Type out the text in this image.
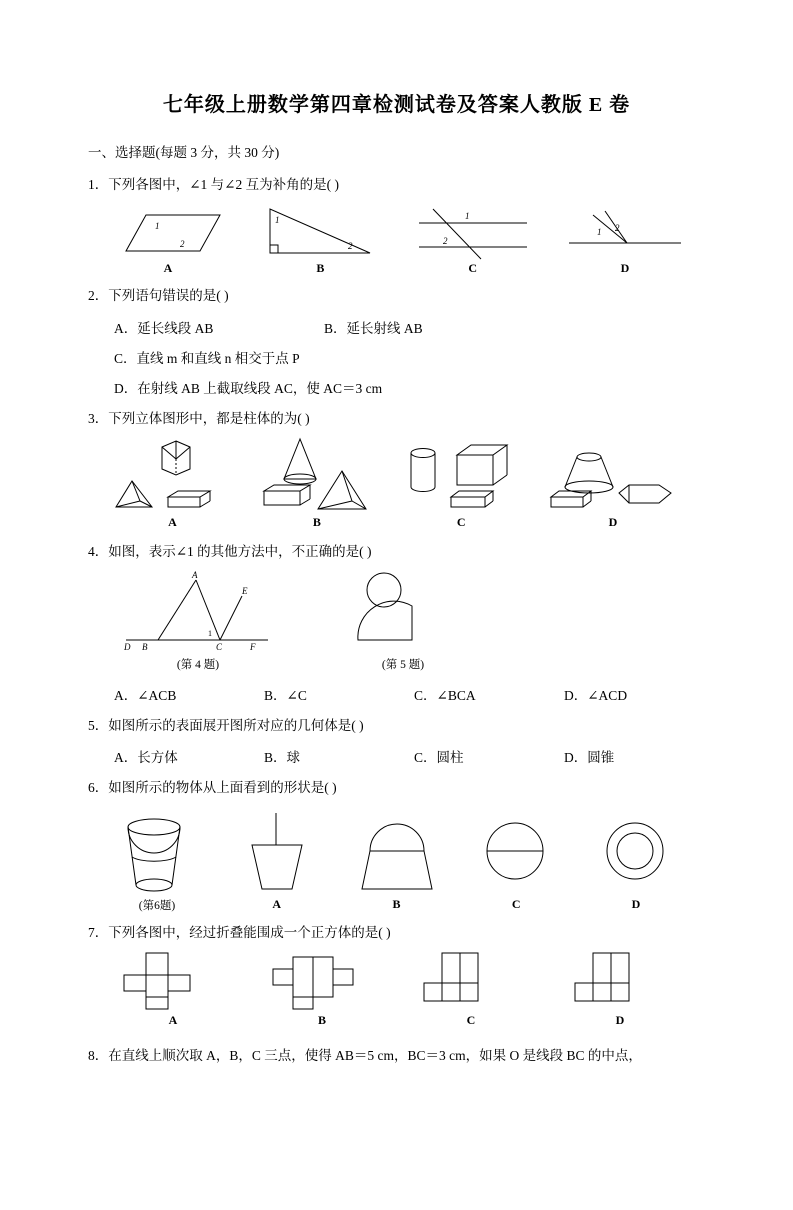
七年级上册数学第四章检测试卷及答案人教版 E 卷
一、选择题(每题 3 分，共 30 分)
1．下列各图中，∠1 与∠2 互为补角的是( )
1
2
A
1
2
B
1
2
C
1 2
D
2．下列语句错误的是( )
A．延长线段 AB	B．延长射线 AB
C．直线 m 和直线 n 相交于点 P
D．在射线 AB 上截取线段 AC，使 AC＝3 cm
3．下列立体图形中，都是柱体的为( )
A	B	C	D
4．如图，表示∠1 的其他方法中，不正确的是( )
A
E
D B	C	F
1
(第 4 题)	(第 5 题)
A．∠ACB	B．∠C	C．∠BCA	D．∠ACD
5．如图所示的表面展开图所对应的几何体是( )
A．长方体	B．球	C．圆柱	D．圆锥
6．如图所示的物体从上面看到的形状是( )
(第6题)	A	B	C	D
7．下列各图中，经过折叠能围成一个正方体的是( )
A	B	C	D
8．在直线上顺次取 A，B，C 三点，使得 AB＝5 cm，BC＝3 cm，如果 O 是线段 BC 的中点，
